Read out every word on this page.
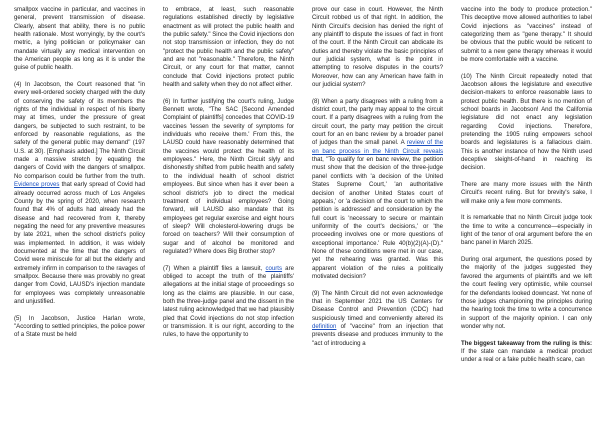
smallpox vaccine in particular, and vaccines in general, prevent transmission of disease. Clearly, absent that ability, there is no public health rationale. Most worryingly, by the court's metric, a lying politician or policymaker can mandate virtually any medical intervention on the American people as long as it is under the guise of public health.

(4) In Jacobson, the Court reasoned that "in every well-ordered society charged with the duty of conserving the safety of its members the rights of the individual in respect of his liberty may at times, under the pressure of great dangers, be subjected to such restraint, to be enforced by reasonable regulations, as the safety of the general public may demand" (197 U.S. at 30). [Emphasis added.] The Ninth Circuit made a massive stretch by equating the dangers of Covid with the dangers of smallpox. No comparison could be further from the truth. Evidence proves that early spread of Covid had already occurred across much of Los Angeles County by the spring of 2020, when research found that 4% of adults had already had the disease and had recovered from it, thereby negating the need for any preventive measures by late 2021, when the school district's policy was implemented. In addition, it was widely documented at the time that the dangers of Covid were miniscule for all but the elderly and extremely infirm in comparison to the ravages of smallpox. Because there was provably no great danger from Covid, LAUSD's injection mandate for employees was completely unreasonable and unjustified.

(5) In Jacobson, Justice Harlan wrote, "According to settled principles, the police power of a State must be held

to embrace, at least, such reasonable regulations established directly by legislative enactment as will protect the public health and the public safety." Since the Covid injections don not stop transmission or infection, they do not "protect the public health and the public safety" and are not "reasonable." Therefore, the Ninth Circuit, or any court for that matter, cannot conclude that Covid injections protect public health and safety when they do not affect either.

(6) In further justifying the court's ruling, Judge Bennett wrote, "The SAC [Second Amended Complaint of plaintiffs] concedes that COVID-19 vaccines 'lessen the severity of symptoms for individuals who receive them.' From this, the LAUSD could have reasonably determined that the vaccines would protect the health of its employees." Here, the Ninth Circuit slyly and dishonestly shifted from public health and safety to the individual health of school district employees. But since when has it ever been a school district's job to direct the medical treatment of individual employees? Going forward, will LAUSD also mandate that its employees get regular exercise and eight hours of sleep? Will cholesterol-lowering drugs be forced on teachers? Will their consumption of sugar and of alcohol be monitored and regulated? Where does Big Brother stop?

(7) When a plaintiff files a lawsuit, courts are obliged to accept the truth of the plaintiffs' allegations at the initial stage of proceedings so long as the claims are plausible. In our case, both the three-judge panel and the dissent in the latest ruling acknowledged that we had plausibly pled that Covid injections do not stop infection or transmission. It is our right, according to the rules, to have the opportunity to

prove our case in court. However, the Ninth Circuit robbed us of that right. In addition, the Ninth Circuit's decision has denied the right of any plaintiff to dispute the issues of fact in front of the court. If the Ninth Circuit can abdicate its duties and thereby violate the basic principles of our judicial system, what is the point in attempting to resolve disputes in the courts? Moreover, how can any American have faith in our judicial system?

(8) When a party disagrees with a ruling from a district court, the party may appeal to the circuit court. If a party disagrees with a ruling from the circuit court, the party may petition the circuit court for an en banc review by a broader panel of judges than the small panel. A review of the en banc process in the Ninth Circuit reveals that, "To qualify for en banc review, the petition must show that the decision of the three-judge panel conflicts with 'a decision of the United States Supreme Court,' 'an authoritative decision of another United States court of appeals,' or 'a decision of the court to which the petition is addressed' and consideration by the full court is 'necessary to secure or maintain uniformity of the court's decisions,' or 'the proceeding involves one or more questions of exceptional importance.' Rule 40(b)(2)(A)-(D)." None of these conditions were met in our case, yet the rehearing was granted. Was this apparent violation of the rules a politically motivated decision?

(9) The Ninth Circuit did not even acknowledge that in September 2021 the US Centers for Disease Control and Prevention (CDC) had suspiciously timed and conveniently altered its definition of "vaccine" from an injection that prevents disease and produces immunity to the "act of introducing a

vaccine into the body to produce protection." This deceptive move allowed authorities to label Covid injections as "vaccines" instead of categorizing them as "gene therapy." It should be obvious that the public would be reticent to submit to a new gene therapy whereas it would be more comfortable with a vaccine.

(10) The Ninth Circuit repeatedly noted that Jacobson allows the legislature and executive decision-makers to enforce reasonable laws to protect public health. But there is no mention of school boards in Jacobson! And the California legislature did not enact any legislation regarding Covid injections. Therefore, pretending the 1905 ruling empowers school boards and legislatures is a fallacious claim. This is another instance of how the Ninth used deceptive sleight-of-hand in reaching its decision.

There are many more issues with the Ninth Circuit's recent ruling. But for brevity's sake, I will make only a few more comments.

It is remarkable that no Ninth Circuit judge took the time to write a concurrence—especially in light of the tenor of oral argument before the en banc panel in March 2025.

During oral argument, the questions posed by the majority of the judges suggested they favored the arguments of plaintiffs and we left the court feeling very optimistic, while counsel for the defendants looked downcast. Yet none of those judges championing the principles during the hearing took the time to write a concurrence in support of the majority opinion. I can only wonder why not.

The biggest takeaway from the ruling is this: If the state can mandate a medical product under a real or a fake public health scare, can
